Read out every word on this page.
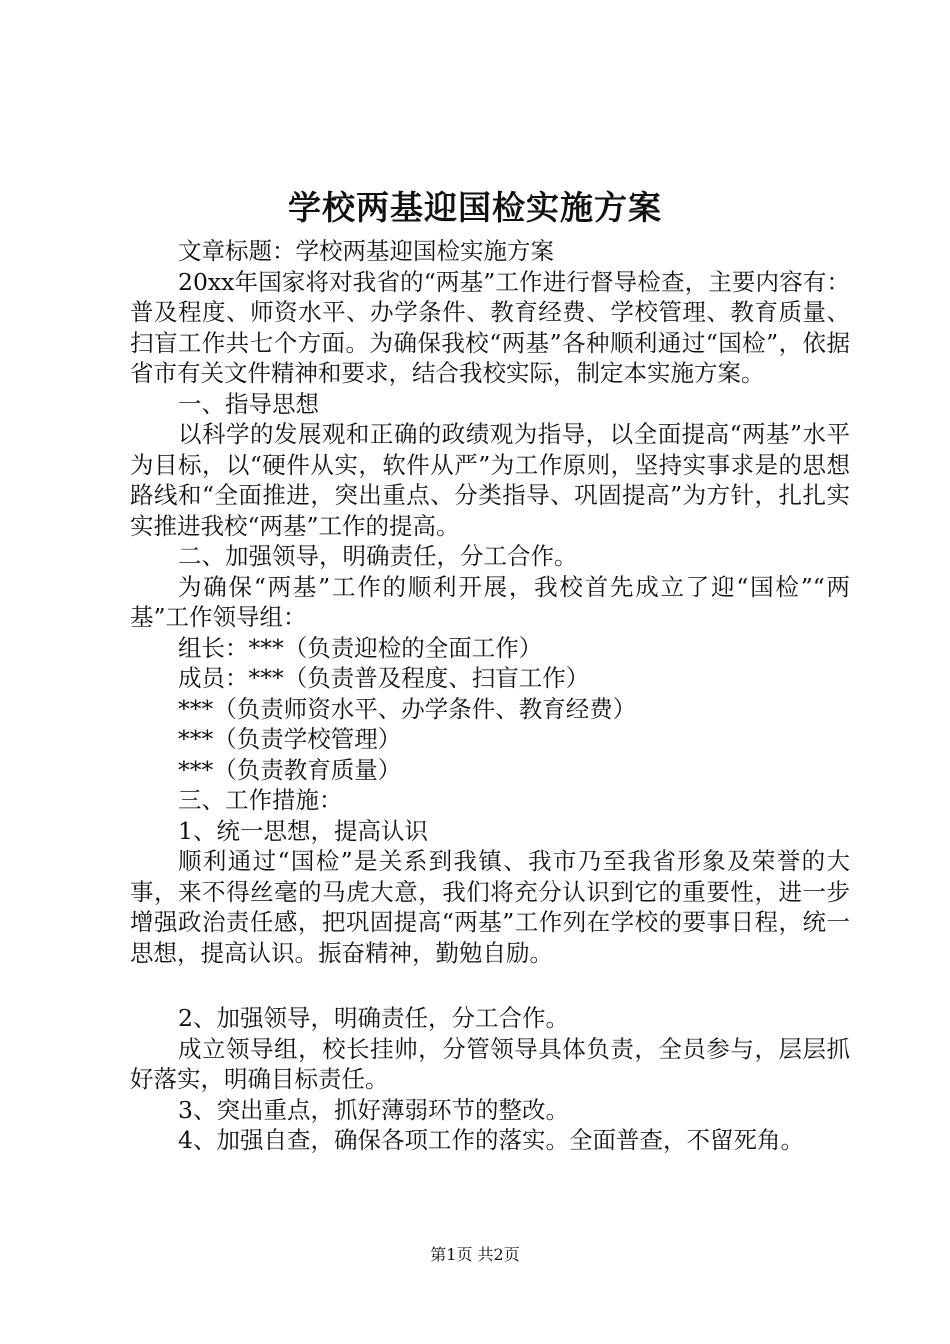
学校两基迎国检实施方案

文章标题：学校两基迎国检实施方案

20xx年国家将对我省的“两基”工作进行督导检查，主要内容有：普及程度、师资水平、办学条件、教育经费、学校管理、教育质量、扫盲工作共七个方面。为确保我校“两基”各种顺利通过“国检”，依据省市有关文件精神和要求，结合我校实际，制定本实施方案。

一、指导思想

以科学的发展观和正确的政绩观为指导，以全面提高“两基”水平为目标，以“硬件从实，软件从严”为工作原则，坚持实事求是的思想路线和“全面推进，突出重点、分类指导、巩固提高”为方针，扎扎实实推进我校“两基”工作的提高。

二、加强领导，明确责任，分工合作。

为确保“两基”工作的顺利开展，我校首先成立了迎“国检”“两基”工作领导组：

组长：***（负责迎检的全面工作）

成员：***（负责普及程度、扫盲工作）

***（负责师资水平、办学条件、教育经费）

***（负责学校管理）

***（负责教育质量）

三、工作措施：

1、统一思想，提高认识

顺利通过“国检”是关系到我镇、我市乃至我省形象及荣誉的大事，来不得丝毫的马虎大意，我们将充分认识到它的重要性，进一步增强政治责任感，把巩固提高“两基”工作列在学校的要事日程，统一思想，提高认识。振奋精神，勤勉自励。

2、加强领导，明确责任，分工合作。

成立领导组，校长挂帅，分管领导具体负责，全员参与，层层抓好落实，明确目标责任。

3、突出重点，抓好薄弱环节的整改。

4、加强自查，确保各项工作的落实。全面普查，不留死角。

第1页 共2页
